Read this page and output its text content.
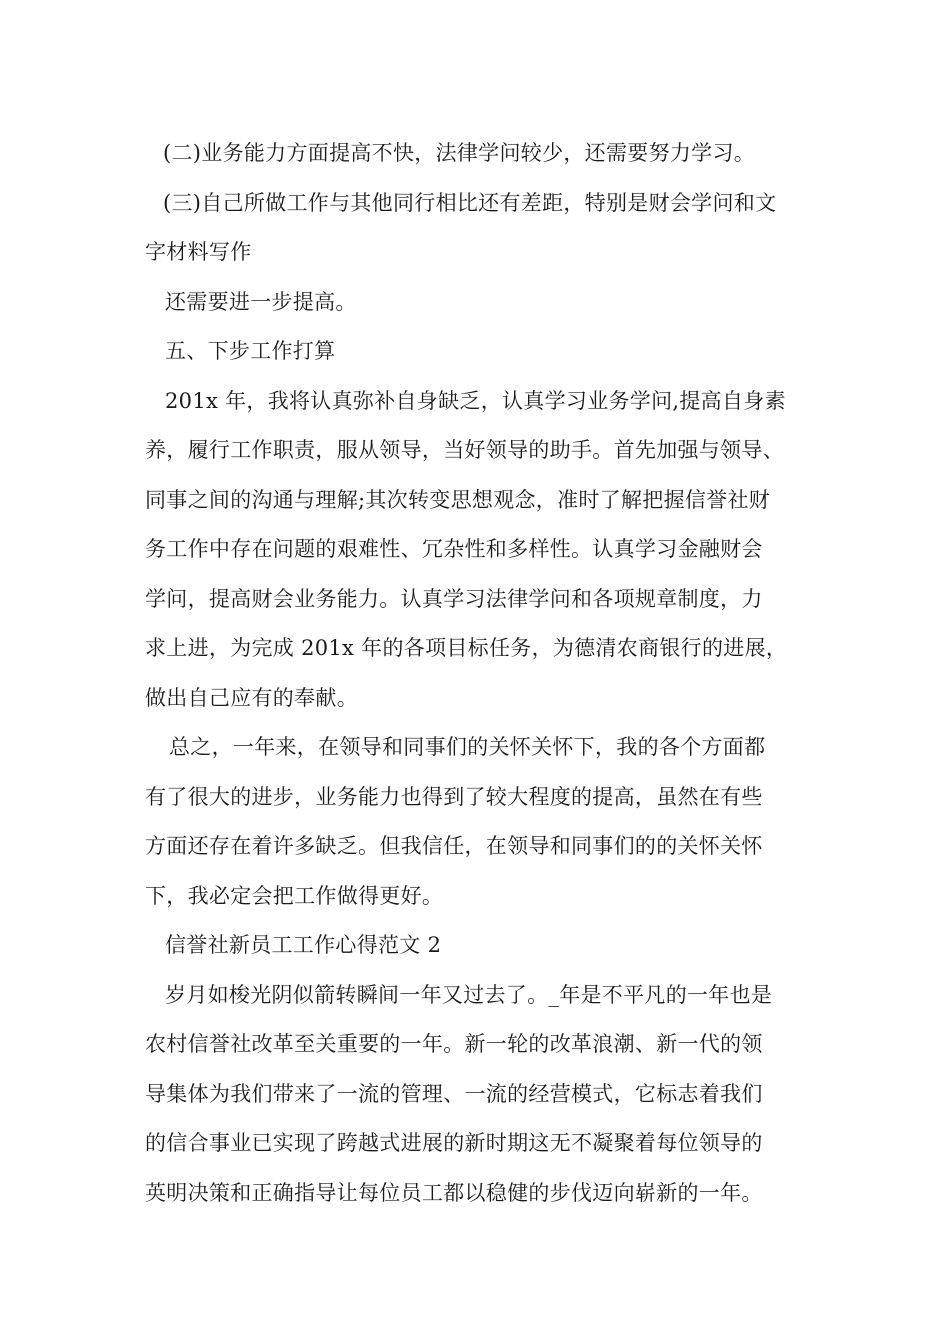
(二)业务能力方面提高不快，法律学问较少，还需要努力学习。
(三)自己所做工作与其他同行相比还有差距，特别是财会学问和文
字材料写作
还需要进一步提高。
五、下步工作打算
201x 年，我将认真弥补自身缺乏，认真学习业务学问,提高自身素
养，履行工作职责，服从领导，当好领导的助手。首先加强与领导、
同事之间的沟通与理解;其次转变思想观念，准时了解把握信誉社财
务工作中存在问题的艰难性、冗杂性和多样性。认真学习金融财会
学问，提高财会业务能力。认真学习法律学问和各项规章制度，力
求上进，为完成 201x 年的各项目标任务，为德清农商银行的进展，
做出自己应有的奉献。
总之，一年来，在领导和同事们的关怀关怀下，我的各个方面都
有了很大的进步，业务能力也得到了较大程度的提高，虽然在有些
方面还存在着许多缺乏。但我信任，在领导和同事们的的关怀关怀
下，我必定会把工作做得更好。
信誉社新员工工作心得范文 2
岁月如梭光阴似箭转瞬间一年又过去了。_年是不平凡的一年也是
农村信誉社改革至关重要的一年。新一轮的改革浪潮、新一代的领
导集体为我们带来了一流的管理、一流的经营模式，它标志着我们
的信合事业已实现了跨越式进展的新时期这无不凝聚着每位领导的
英明决策和正确指导让每位员工都以稳健的步伐迈向崭新的一年。
